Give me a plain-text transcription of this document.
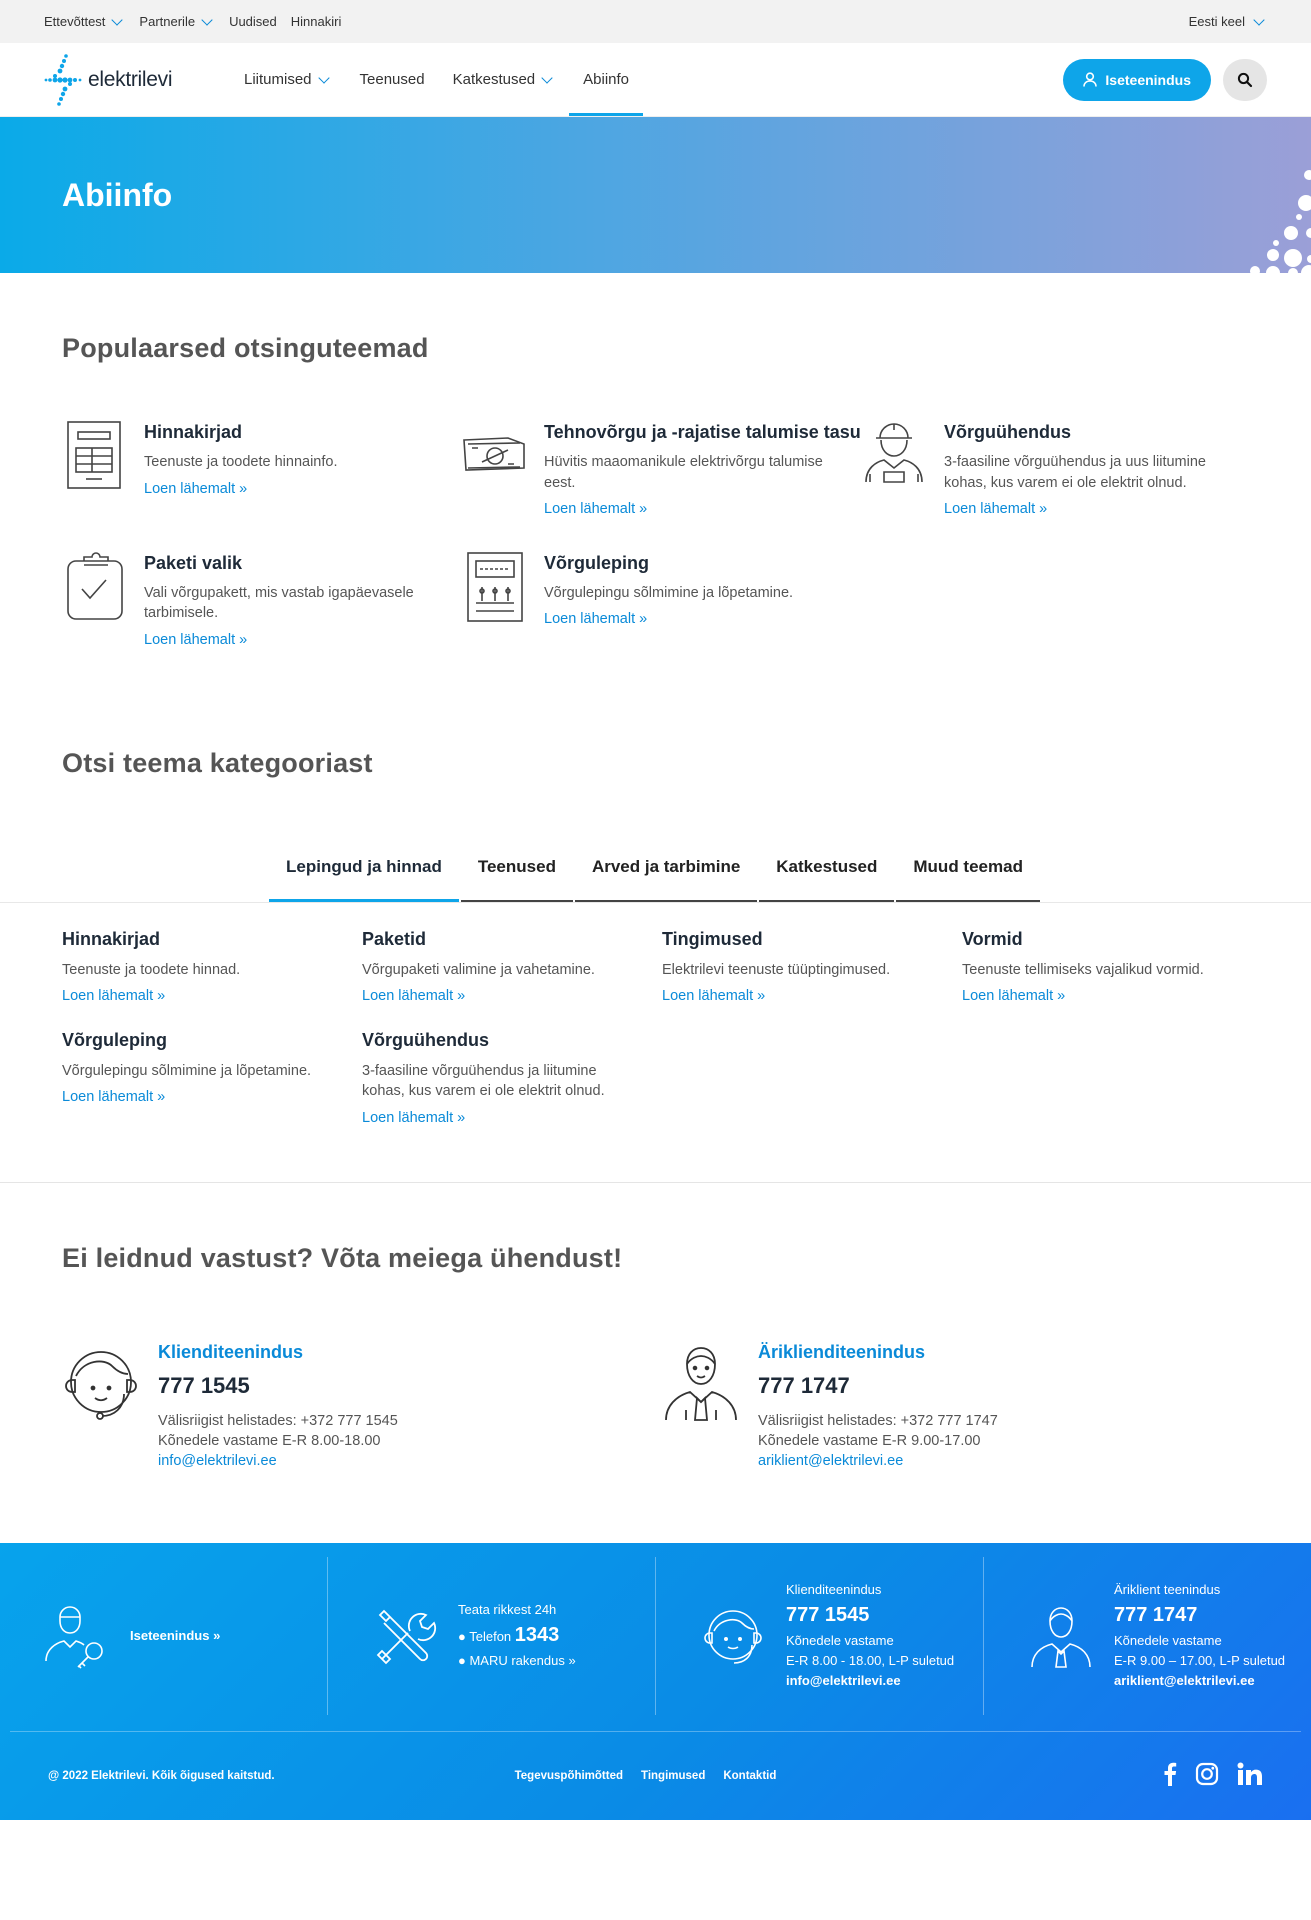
Ettevõttest	Partnerile	Uudised Hinnakiri	Eesti keel
elektrilevi	Liitumised	Teenused Katkestused	Abiinfo	Iseteenindus
Abiinfo
Populaarsed otsinguteemad
Hinnakirjad
Teenuste ja toodete hinnainfo.
Loen lähemalt »
Tehnovõrgu ja -rajatise talumise tasu
Hüvitis maaomanikule elektrivõrgu talumise eest.
Loen lähemalt »
Võrguühendus
3-faasiline võrguühendus ja uus liitumine kohas, kus varem ei ole elektrit olnud.
Loen lähemalt »
Paketi valik
Vali võrgupakett, mis vastab igapäevasele tarbimisele.
Loen lähemalt »
Võrguleping
Võrgulepingu sõlmimine ja lõpetamine.
Loen lähemalt »
Otsi teema kategooriast
Lepingud ja hinnad	Teenused	Arved ja tarbimine	Katkestused	Muud teemad
Hinnakirjad
Teenuste ja toodete hinnad.
Loen lähemalt »
Paketid
Võrgupaketi valimine ja vahetamine.
Loen lähemalt »
Tingimused
Elektrilevi teenuste tüüptingimused.
Loen lähemalt »
Vormid
Teenuste tellimiseks vajalikud vormid.
Loen lähemalt »
Võrguleping
Võrgulepingu sõlmimine ja lõpetamine.
Loen lähemalt »
Võrguühendus
3-faasiline võrguühendus ja liitumine kohas, kus varem ei ole elektrit olnud.
Loen lähemalt »
Ei leidnud vastust? Võta meiega ühendust!
Klienditeenindus
777 1545
Välisriigist helistades: +372 777 1545
Kõnedele vastame E-R 8.00-18.00
info@elektrilevi.ee
Äriklienditeenindus
777 1747
Välisriigist helistades: +372 777 1747
Kõnedele vastame E-R 9.00-17.00
ariklient@elektrilevi.ee
Iseteenindus »
Teata rikkest 24h
● Telefon 1343
● MARU rakendus »
Klienditeenindus
777 1545
Kõnedele vastame
E-R 8.00 - 18.00, L-P suletud
info@elektrilevi.ee
Äriklient teenindus
777 1747
Kõnedele vastame
E-R 9.00 – 17.00, L-P suletud
ariklient@elektrilevi.ee
@ 2022 Elektrilevi. Kõik õigused kaitstud.	Tegevuspõhimõtted Tingimused Kontaktid
